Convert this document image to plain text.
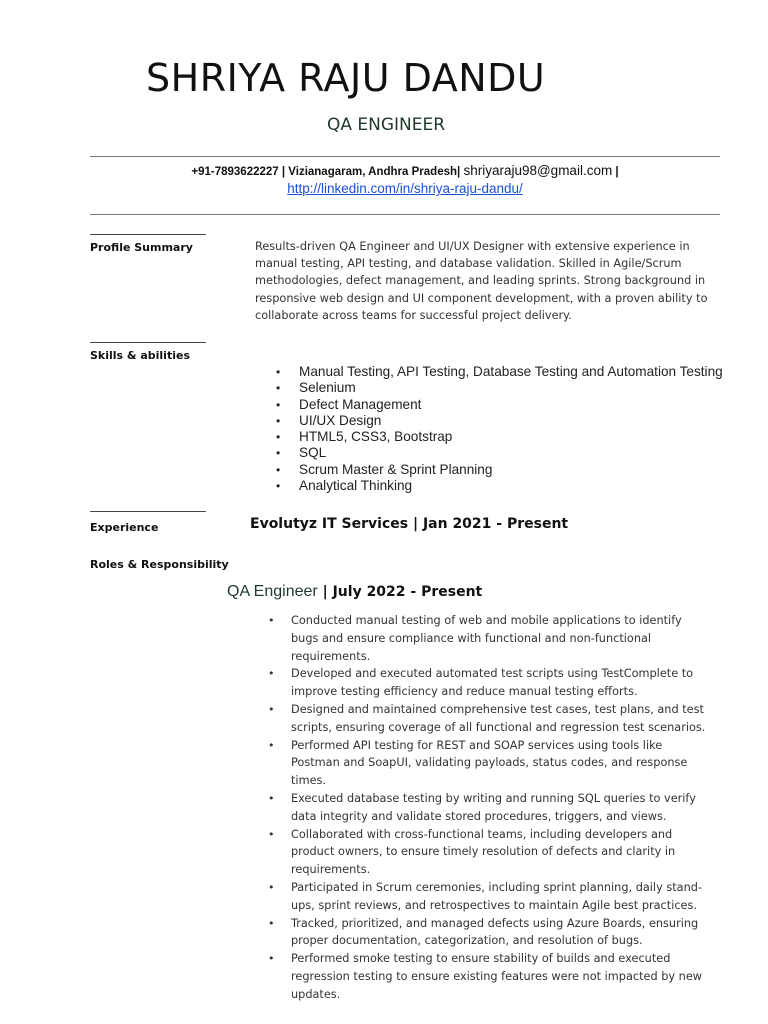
SHRIYA RAJU DANDU
QA ENGINEER
+91-7893622227 | Vizianagaram, Andhra Pradesh| shriyaraju98@gmail.com |
http://linkedin.com/in/shriya-raju-dandu/
Profile Summary	Results-driven QA Engineer and UI/UX Designer with extensive experience in manual testing, API testing, and database validation. Skilled in Agile/Scrum methodologies, defect management, and leading sprints. Strong background in responsive web design and UI component development, with a proven ability to collaborate across teams for successful project delivery.
Skills & abilities
• Manual Testing, API Testing, Database Testing and Automation Testing
• Selenium
• Defect Management
• UI/UX Design
• HTML5, CSS3, Bootstrap
• SQL
• Scrum Master & Sprint Planning
• Analytical Thinking
Experience	Evolutyz IT Services | Jan 2021 - Present
Roles & Responsibility
QA Engineer | July 2022 - Present
• Conducted manual testing of web and mobile applications to identify bugs and ensure compliance with functional and non-functional requirements.
• Developed and executed automated test scripts using TestComplete to improve testing efficiency and reduce manual testing efforts.
• Designed and maintained comprehensive test cases, test plans, and test scripts, ensuring coverage of all functional and regression test scenarios.
• Performed API testing for REST and SOAP services using tools like Postman and SoapUI, validating payloads, status codes, and response times.
• Executed database testing by writing and running SQL queries to verify data integrity and validate stored procedures, triggers, and views.
• Collaborated with cross-functional teams, including developers and product owners, to ensure timely resolution of defects and clarity in requirements.
• Participated in Scrum ceremonies, including sprint planning, daily stand-ups, sprint reviews, and retrospectives to maintain Agile best practices.
• Tracked, prioritized, and managed defects using Azure Boards, ensuring proper documentation, categorization, and resolution of bugs.
• Performed smoke testing to ensure stability of builds and executed regression testing to ensure existing features were not impacted by new updates.
